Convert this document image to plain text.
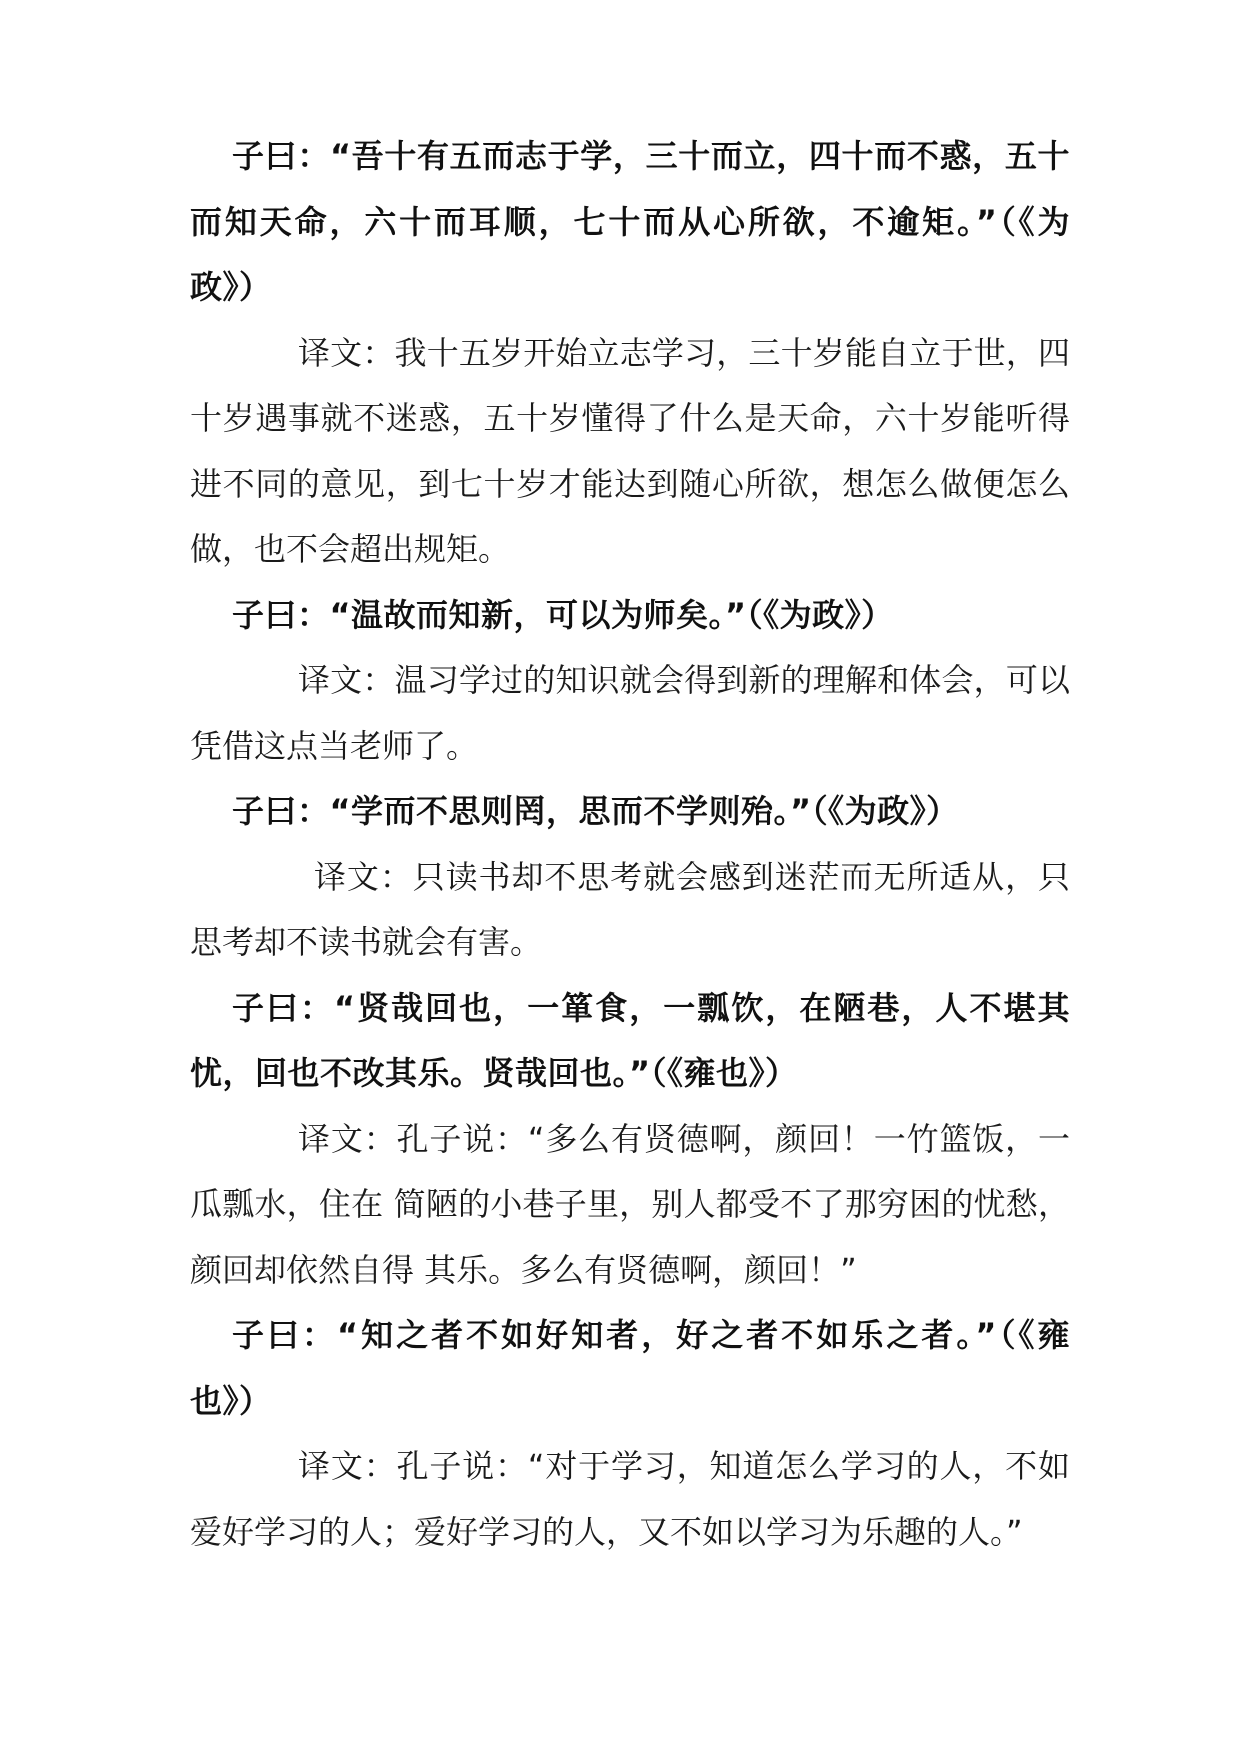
子曰：“吾十有五而志于学，三十而立，四十而不惑，五十而知天命，六十而耳顺，七十而从心所欲，不逾矩。”（《为政》）

译文：我十五岁开始立志学习，三十岁能自立于世，四十岁遇事就不迷惑，五十岁懂得了什么是天命，六十岁能听得进不同的意见，到七十岁才能达到随心所欲，想怎么做便怎么做，也不会超出规矩。

子曰：“温故而知新，可以为师矣。”（《为政》）

译文：温习学过的知识就会得到新的理解和体会，可以凭借这点当老师了。

子曰：“学而不思则罔，思而不学则殆。”（《为政》）

译文：只读书却不思考就会感到迷茫而无所适从，只思考却不读书就会有害。

子曰：“贤哉回也，一箪食，一瓢饮，在陋巷，人不堪其忧，回也不改其乐。贤哉回也。”（《雍也》）

译文：孔子说：“多么有贤德啊，颜回！一竹篮饭，一瓜瓢水，住在 简陋的小巷子里，别人都受不了那穷困的忧愁，颜回却依然自得 其乐。多么有贤德啊，颜回！”

子曰：“知之者不如好知者，好之者不如乐之者。”（《雍也》）

译文：孔子说：“对于学习，知道怎么学习的人，不如爱好学习的人；爱好学习的人，又不如以学习为乐趣的人。”
